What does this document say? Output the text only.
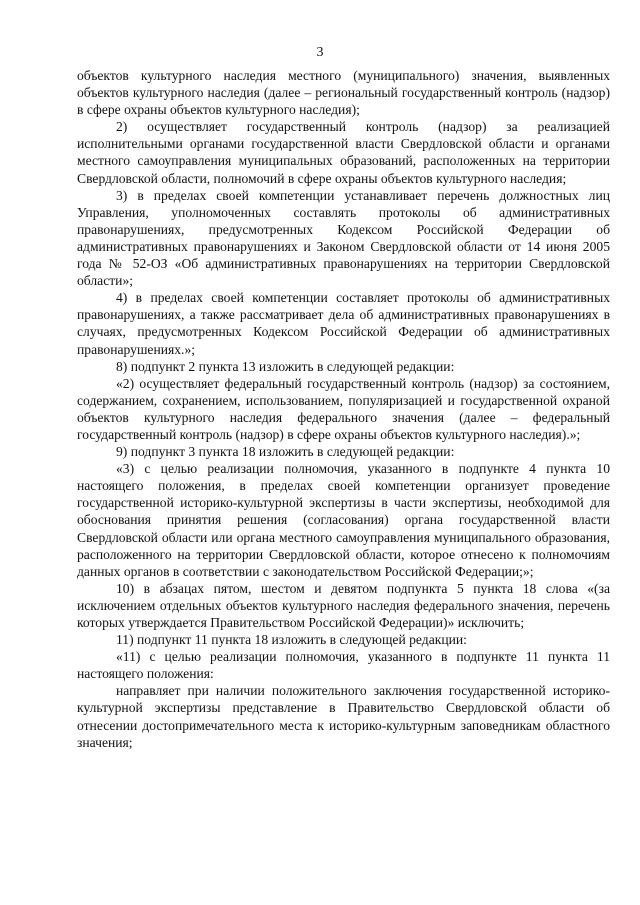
3

объектов культурного наследия местного (муниципального) значения, выявленных объектов культурного наследия (далее – региональный государственный контроль (надзор) в сфере охраны объектов культурного наследия);

2) осуществляет государственный контроль (надзор) за реализацией исполнительными органами государственной власти Свердловской области и органами местного самоуправления муниципальных образований, расположенных на территории Свердловской области, полномочий в сфере охраны объектов культурного наследия;

3) в пределах своей компетенции устанавливает перечень должностных лиц Управления, уполномоченных составлять протоколы об административных правонарушениях, предусмотренных Кодексом Российской Федерации об административных правонарушениях и Законом Свердловской области от 14 июня 2005 года № 52-ОЗ «Об административных правонарушениях на территории Свердловской области»;

4) в пределах своей компетенции составляет протоколы об административных правонарушениях, а также рассматривает дела об административных правонарушениях в случаях, предусмотренных Кодексом Российской Федерации об административных правонарушениях.»;

8) подпункт 2 пункта 13 изложить в следующей редакции:

«2) осуществляет федеральный государственный контроль (надзор) за состоянием, содержанием, сохранением, использованием, популяризацией и государственной охраной объектов культурного наследия федерального значения (далее – федеральный государственный контроль (надзор) в сфере охраны объектов культурного наследия).»;

9) подпункт 3 пункта 18 изложить в следующей редакции:

«3) с целью реализации полномочия, указанного в подпункте 4 пункта 10 настоящего положения, в пределах своей компетенции организует проведение государственной историко-культурной экспертизы в части экспертизы, необходимой для обоснования принятия решения (согласования) органа государственной власти Свердловской области или органа местного самоуправления муниципального образования, расположенного на территории Свердловской области, которое отнесено к полномочиям данных органов в соответствии с законодательством Российской Федерации;»;

10) в абзацах пятом, шестом и девятом подпункта 5 пункта 18 слова «(за исключением отдельных объектов культурного наследия федерального значения, перечень которых утверждается Правительством Российской Федерации)» исключить;

11) подпункт 11 пункта 18 изложить в следующей редакции:

«11) с целью реализации полномочия, указанного в подпункте 11 пункта 11 настоящего положения:

направляет при наличии положительного заключения государственной историко-культурной экспертизы представление в Правительство Свердловской области об отнесении достопримечательного места к историко-культурным заповедникам областного значения;
